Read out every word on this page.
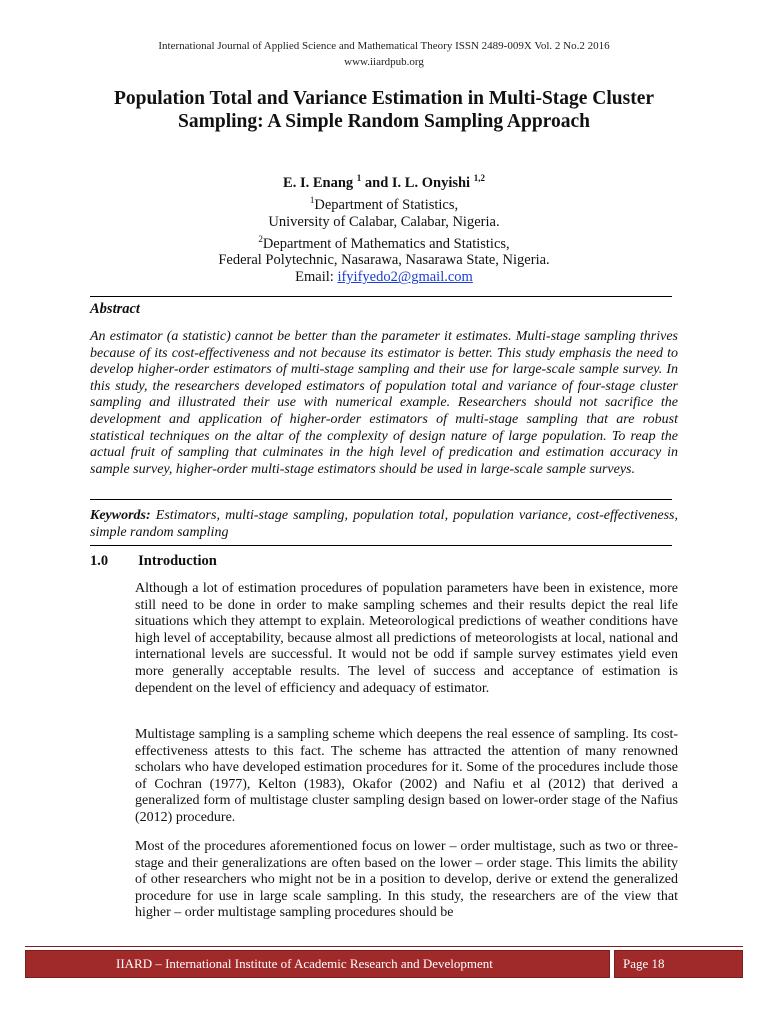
International Journal of Applied Science and Mathematical Theory ISSN 2489-009X Vol. 2 No.2 2016
www.iiardpub.org
Population Total and Variance Estimation in Multi-Stage Cluster
Sampling: A Simple Random Sampling Approach
E. I. Enang $^1$ and I. L. Onyishi $^{1,2}$
$^1$Department of Statistics,
University of Calabar, Calabar, Nigeria.
$^2$Department of Mathematics and Statistics,
Federal Polytechnic, Nasarawa, Nasarawa State, Nigeria.
Email: ifyifyedo2@gmail.com
Abstract
An estimator (a statistic) cannot be better than the parameter it estimates. Multi-stage sampling thrives because of its cost-effectiveness and not because its estimator is better. This study emphasis the need to develop higher-order estimators of multi-stage sampling and their use for large-scale sample survey. In this study, the researchers developed estimators of population total and variance of four-stage cluster sampling and illustrated their use with numerical example. Researchers should not sacrifice the development and application of higher-order estimators of multi-stage sampling that are robust statistical techniques on the altar of the complexity of design nature of large population. To reap the actual fruit of sampling that culminates in the high level of predication and estimation accuracy in sample survey, higher-order multi-stage estimators should be used in large-scale sample surveys.
Keywords: Estimators, multi-stage sampling, population total, population variance, cost-effectiveness, simple random sampling
1.0 Introduction
Although a lot of estimation procedures of population parameters have been in existence, more still need to be done in order to make sampling schemes and their results depict the real life situations which they attempt to explain. Meteorological predictions of weather conditions have high level of acceptability, because almost all predictions of meteorologists at local, national and international levels are successful. It would not be odd if sample survey estimates yield even more generally acceptable results. The level of success and acceptance of estimation is dependent on the level of efficiency and adequacy of estimator.
Multistage sampling is a sampling scheme which deepens the real essence of sampling. Its cost-effectiveness attests to this fact. The scheme has attracted the attention of many renowned scholars who have developed estimation procedures for it. Some of the procedures include those of Cochran (1977), Kelton (1983), Okafor (2002) and Nafiu et al (2012) that derived a generalized form of multistage cluster sampling design based on lower-order stage of the Nafius (2012) procedure.
Most of the procedures aforementioned focus on lower – order multistage, such as two or three-stage and their generalizations are often based on the lower – order stage. This limits the ability of other researchers who might not be in a position to develop, derive or extend the generalized procedure for use in large scale sampling. In this study, the researchers are of the view that higher – order multistage sampling procedures should be
IIARD – International Institute of Academic Research and Development	Page 18
